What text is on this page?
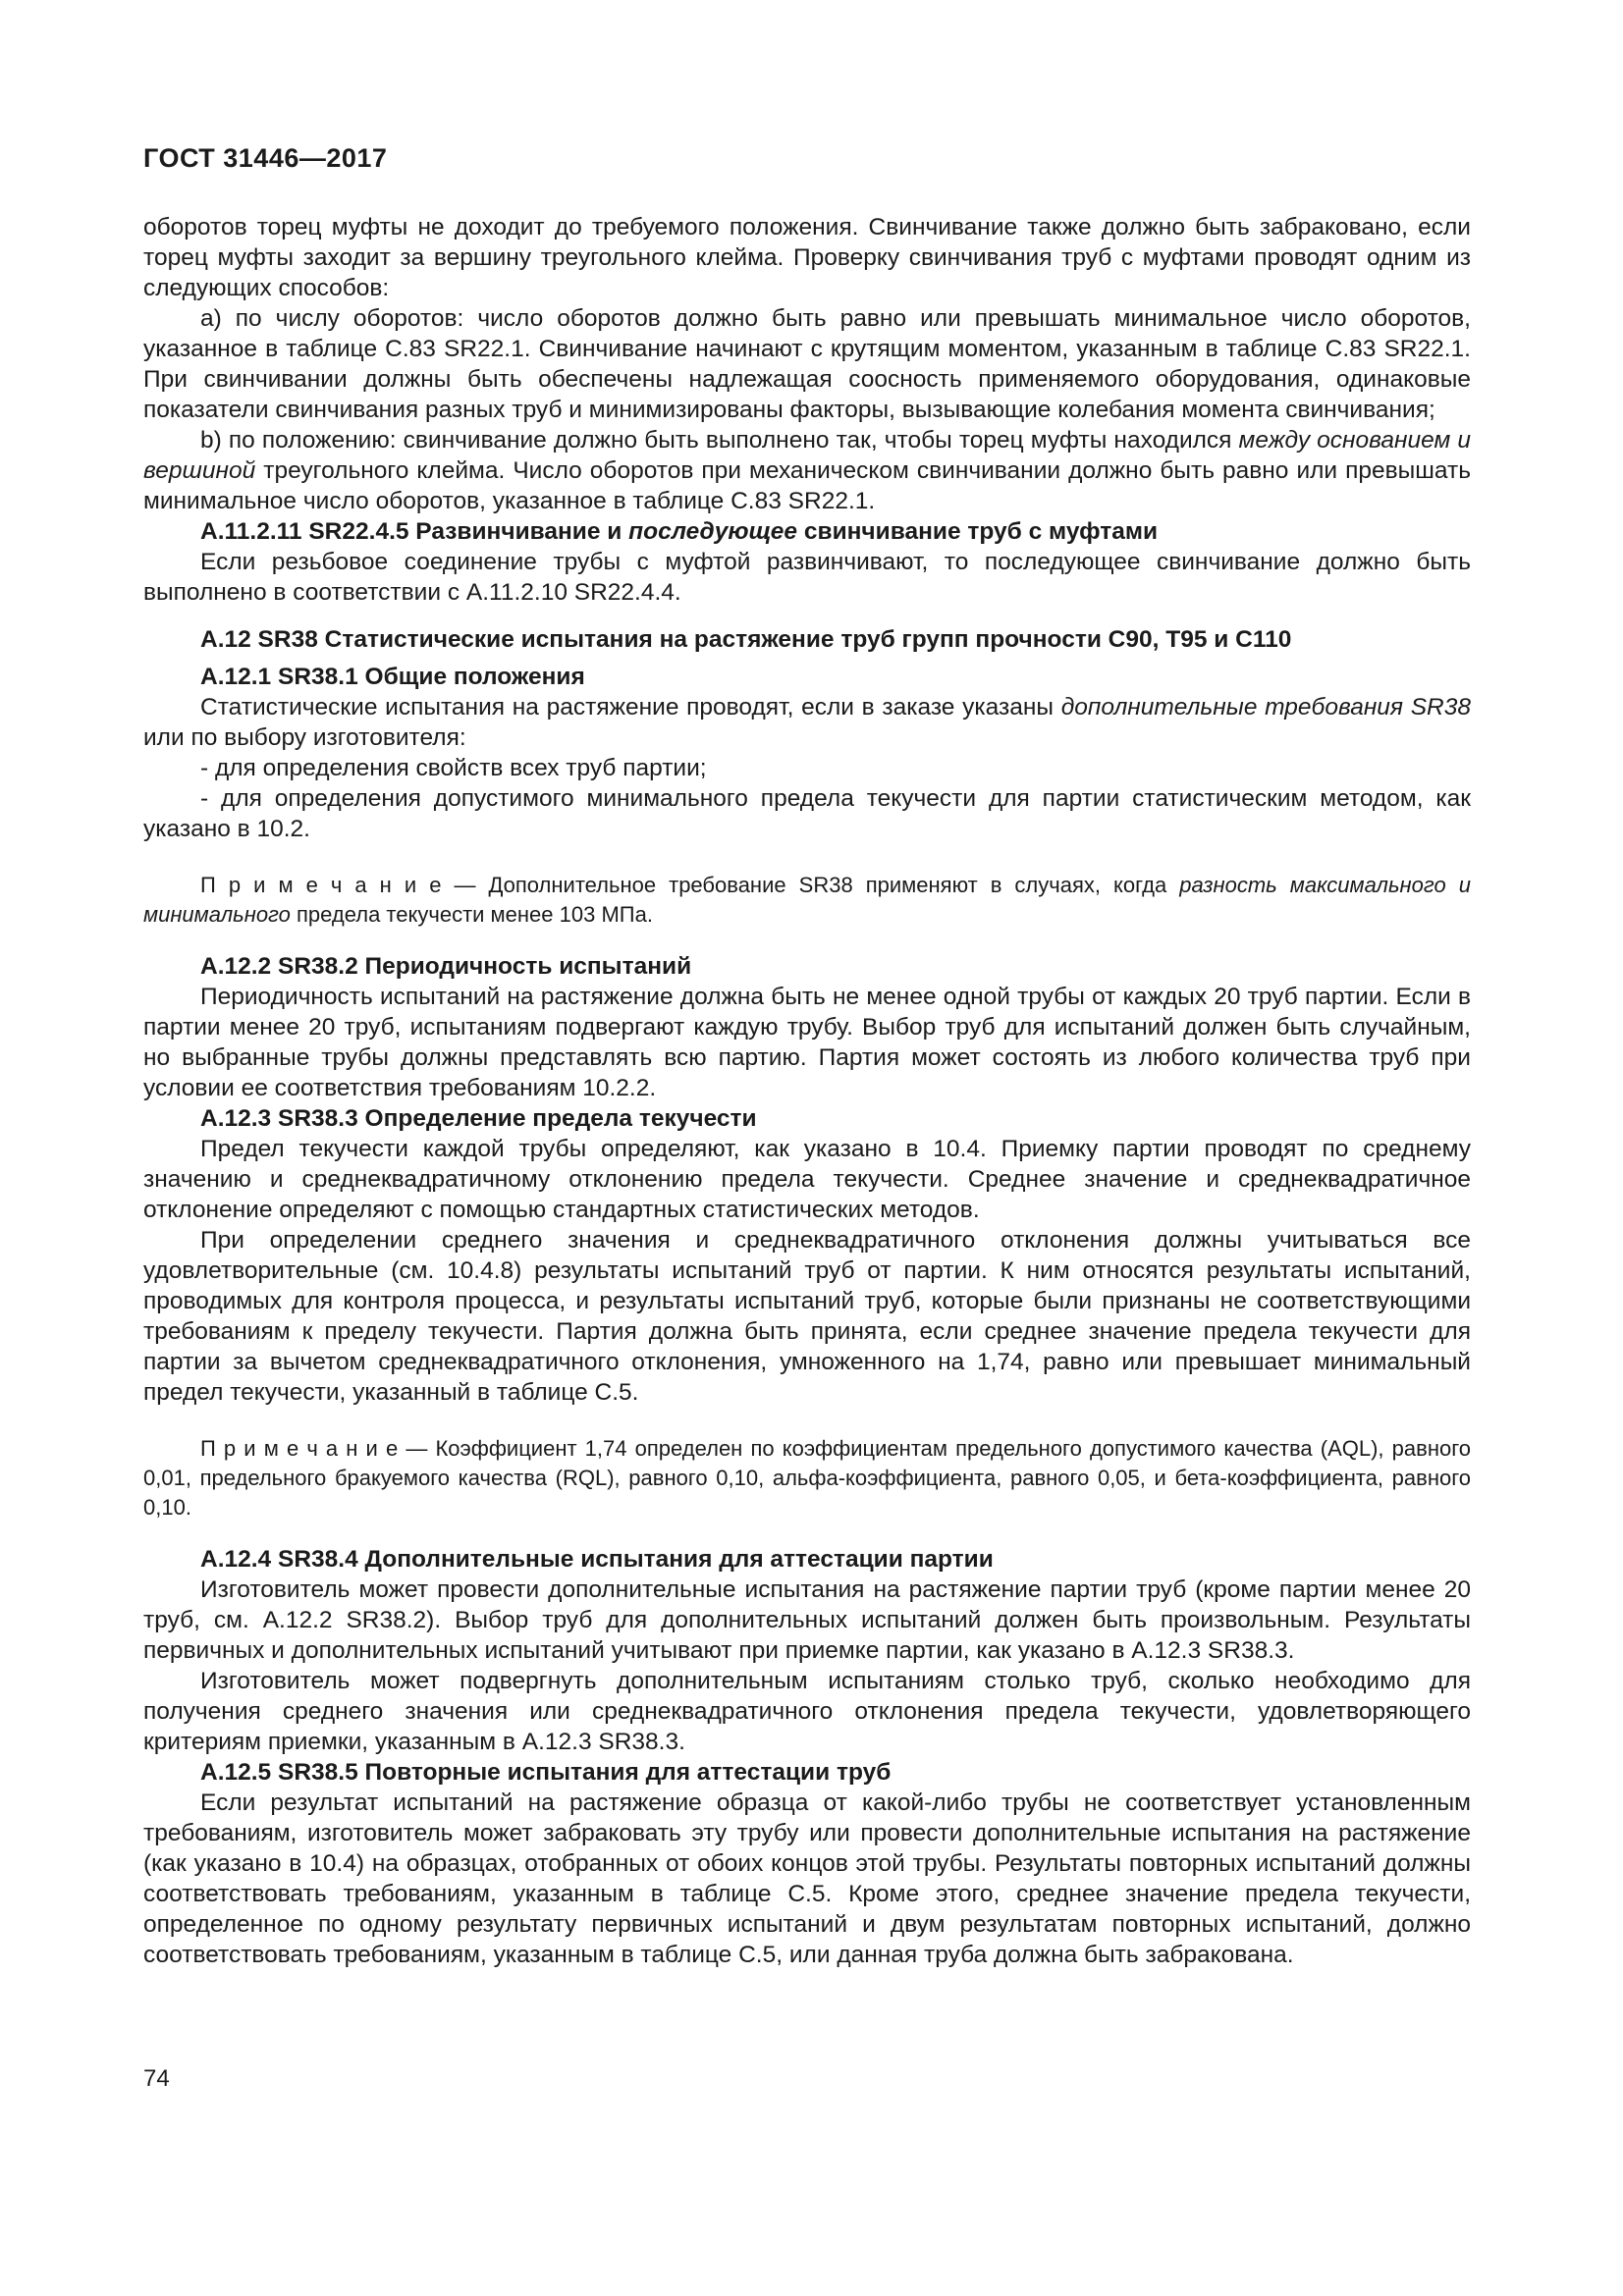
ГОСТ 31446—2017

оборотов торец муфты не доходит до требуемого положения. Свинчивание также должно быть забраковано, если торец муфты заходит за вершину треугольного клейма. Проверку свинчивания труб с муфтами проводят одним из следующих способов:

а) по числу оборотов: число оборотов должно быть равно или превышать минимальное число оборотов, указанное в таблице С.83 SR22.1. Свинчивание начинают с крутящим моментом, указанным в таблице С.83 SR22.1. При свинчивании должны быть обеспечены надлежащая соосность применяемого оборудования, одинаковые показатели свинчивания разных труб и минимизированы факторы, вызывающие колебания момента свинчивания;

b) по положению: свинчивание должно быть выполнено так, чтобы торец муфты находился между основанием и вершиной треугольного клейма. Число оборотов при механическом свинчивании должно быть равно или превышать минимальное число оборотов, указанное в таблице С.83 SR22.1.

А.11.2.11 SR22.4.5 Развинчивание и последующее свинчивание труб с муфтами

Если резьбовое соединение трубы с муфтой развинчивают, то последующее свинчивание должно быть выполнено в соответствии с А.11.2.10 SR22.4.4.

А.12 SR38 Статистические испытания на растяжение труб групп прочности С90, Т95 и С110

А.12.1 SR38.1 Общие положения

Статистические испытания на растяжение проводят, если в заказе указаны дополнительные требования SR38 или по выбору изготовителя:

- для определения свойств всех труб партии;

- для определения допустимого минимального предела текучести для партии статистическим методом, как указано в 10.2.

П р и м е ч а н и е — Дополнительное требование SR38 применяют в случаях, когда разность максимального и минимального предела текучести менее 103 МПа.

А.12.2 SR38.2 Периодичность испытаний

Периодичность испытаний на растяжение должна быть не менее одной трубы от каждых 20 труб партии. Если в партии менее 20 труб, испытаниям подвергают каждую трубу. Выбор труб для испытаний должен быть случайным, но выбранные трубы должны представлять всю партию. Партия может состоять из любого количества труб при условии ее соответствия требованиям 10.2.2.

А.12.3 SR38.3 Определение предела текучести

Предел текучести каждой трубы определяют, как указано в 10.4. Приемку партии проводят по среднему значению и среднеквадратичному отклонению предела текучести. Среднее значение и среднеквадратичное отклонение определяют с помощью стандартных статистических методов.

При определении среднего значения и среднеквадратичного отклонения должны учитываться все удовлетворительные (см. 10.4.8) результаты испытаний труб от партии. К ним относятся результаты испытаний, проводимых для контроля процесса, и результаты испытаний труб, которые были признаны не соответствующими требованиям к пределу текучести. Партия должна быть принята, если среднее значение предела текучести для партии за вычетом среднеквадратичного отклонения, умноженного на 1,74, равно или превышает минимальный предел текучести, указанный в таблице С.5.

П р и м е ч а н и е — Коэффициент 1,74 определен по коэффициентам предельного допустимого качества (AQL), равного 0,01, предельного бракуемого качества (RQL), равного 0,10, альфа-коэффициента, равного 0,05, и бета-коэффициента, равного 0,10.

А.12.4 SR38.4 Дополнительные испытания для аттестации партии

Изготовитель может провести дополнительные испытания на растяжение партии труб (кроме партии менее 20 труб, см. А.12.2 SR38.2). Выбор труб для дополнительных испытаний должен быть произвольным. Результаты первичных и дополнительных испытаний учитывают при приемке партии, как указано в А.12.3 SR38.3.

Изготовитель может подвергнуть дополнительным испытаниям столько труб, сколько необходимо для получения среднего значения или среднеквадратичного отклонения предела текучести, удовлетворяющего критериям приемки, указанным в А.12.3 SR38.3.

А.12.5 SR38.5 Повторные испытания для аттестации труб

Если результат испытаний на растяжение образца от какой-либо трубы не соответствует установленным требованиям, изготовитель может забраковать эту трубу или провести дополнительные испытания на растяжение (как указано в 10.4) на образцах, отобранных от обоих концов этой трубы. Результаты повторных испытаний должны соответствовать требованиям, указанным в таблице С.5. Кроме этого, среднее значение предела текучести, определенное по одному результату первичных испытаний и двум результатам повторных испытаний, должно соответствовать требованиям, указанным в таблице С.5, или данная труба должна быть забракована.

74
